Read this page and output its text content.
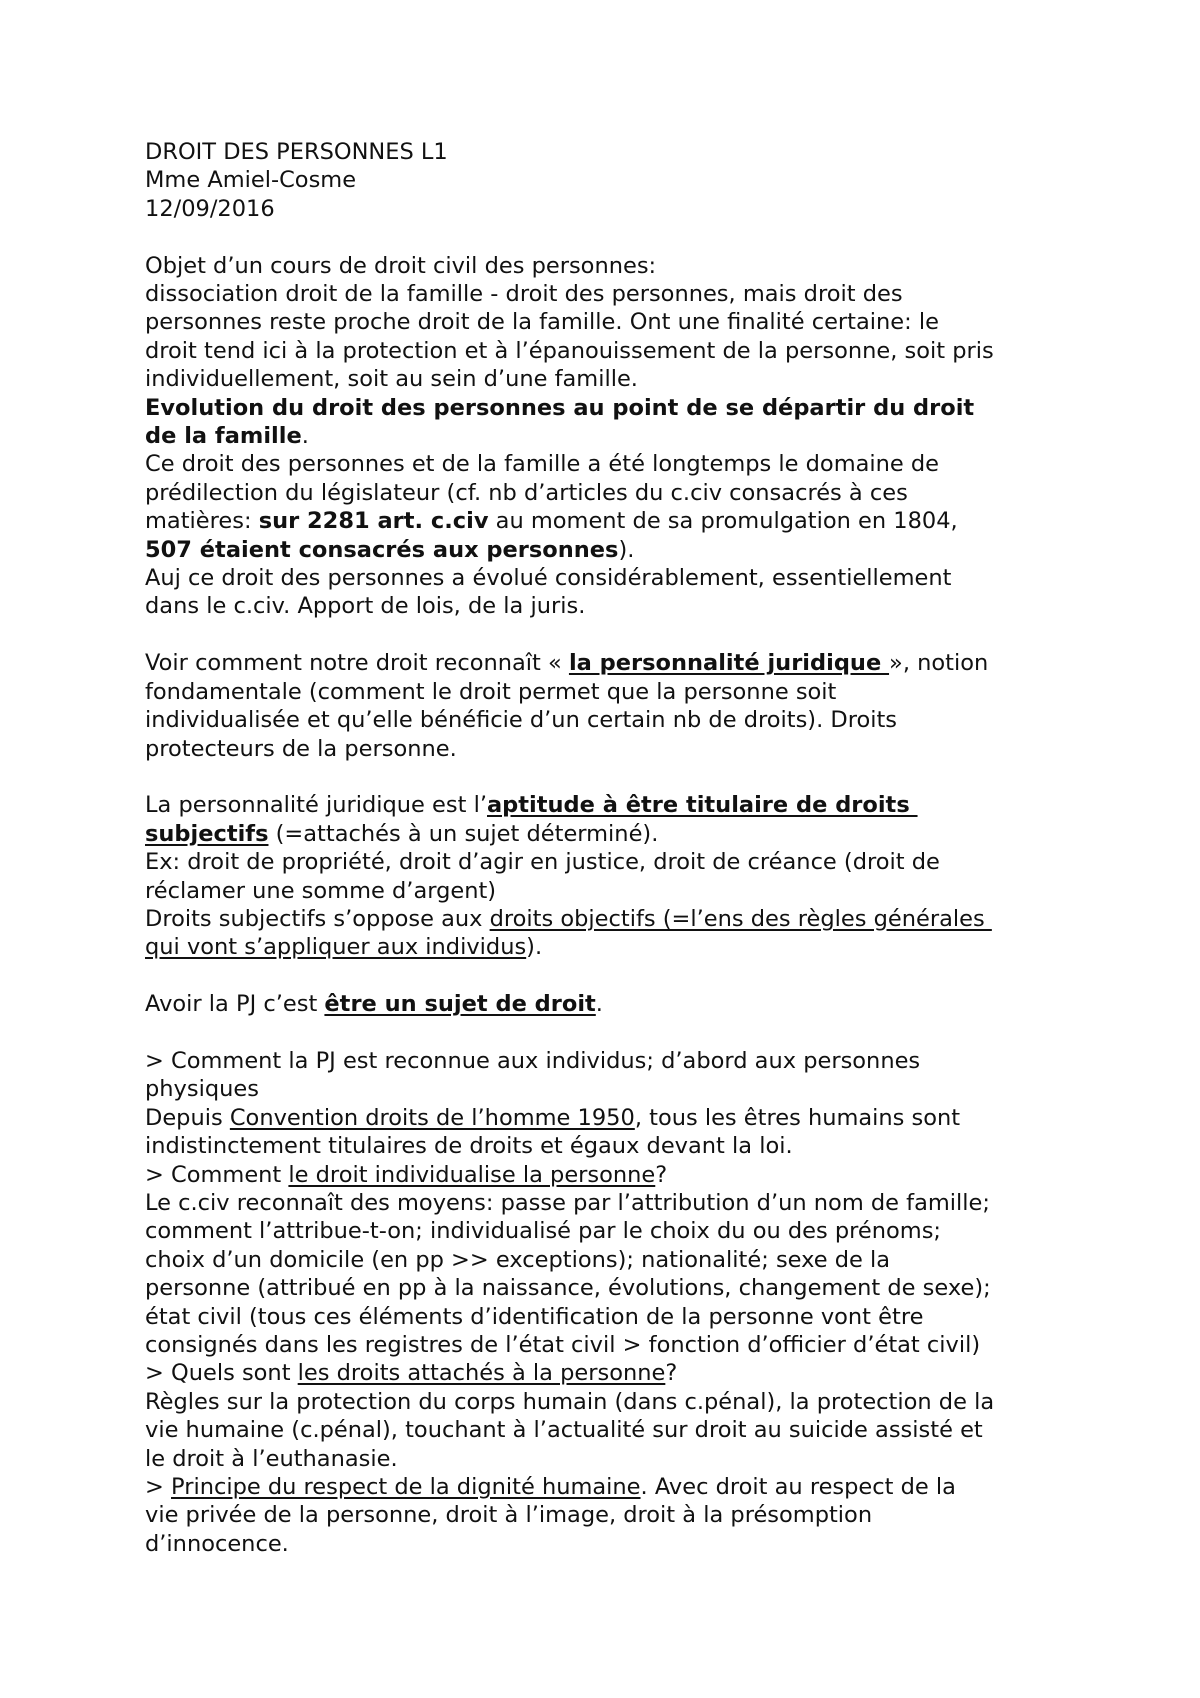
DROIT DES PERSONNES L1
Mme Amiel-Cosme
12/09/2016
Objet d’un cours de droit civil des personnes:
dissociation droit de la famille - droit des personnes, mais droit des
personnes reste proche droit de la famille. Ont une finalité certaine: le
droit tend ici à la protection et à l’épanouissement de la personne, soit pris
individuellement, soit au sein d’une famille.
Evolution du droit des personnes au point de se départir du droit
de la famille.
Ce droit des personnes et de la famille a été longtemps le domaine de
prédilection du législateur (cf. nb d’articles du c.civ consacrés à ces
matières: sur 2281 art. c.civ au moment de sa promulgation en 1804,
507 étaient consacrés aux personnes).
Auj ce droit des personnes a évolué considérablement, essentiellement
dans le c.civ. Apport de lois, de la juris.
Voir comment notre droit reconnaît « la personnalité juridique », notion
fondamentale (comment le droit permet que la personne soit
individualisée et qu’elle bénéficie d’un certain nb de droits). Droits
protecteurs de la personne.
La personnalité juridique est l’aptitude à être titulaire de droits
subjectifs (=attachés à un sujet déterminé).
Ex: droit de propriété, droit d’agir en justice, droit de créance (droit de
réclamer une somme d’argent)
Droits subjectifs s’oppose aux droits objectifs (=l’ens des règles générales
qui vont s’appliquer aux individus).
Avoir la PJ c’est être un sujet de droit.
> Comment la PJ est reconnue aux individus; d’abord aux personnes
physiques
Depuis Convention droits de l’homme 1950, tous les êtres humains sont
indistinctement titulaires de droits et égaux devant la loi.
> Comment le droit individualise la personne?
Le c.civ reconnaît des moyens: passe par l’attribution d’un nom de famille;
comment l’attribue-t-on; individualisé par le choix du ou des prénoms;
choix d’un domicile (en pp >> exceptions); nationalité; sexe de la
personne (attribué en pp à la naissance, évolutions, changement de sexe);
état civil (tous ces éléments d’identification de la personne vont être
consignés dans les registres de l’état civil > fonction d’officier d’état civil)
> Quels sont les droits attachés à la personne?
Règles sur la protection du corps humain (dans c.pénal), la protection de la
vie humaine (c.pénal), touchant à l’actualité sur droit au suicide assisté et
le droit à l’euthanasie.
> Principe du respect de la dignité humaine. Avec droit au respect de la
vie privée de la personne, droit à l’image, droit à la présomption
d’innocence.
